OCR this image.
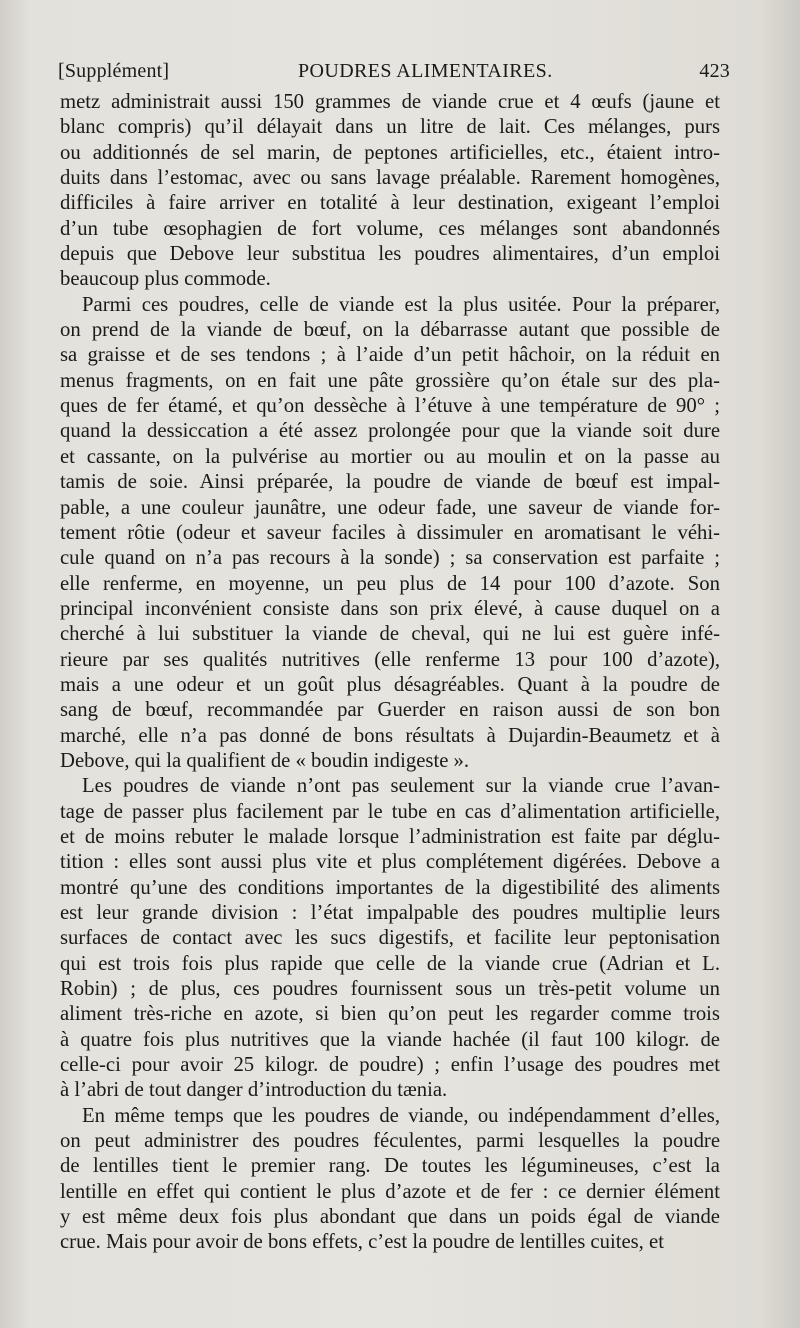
[Supplément]	POUDRES ALIMENTAIRES.	423

metz administrait aussi 150 grammes de viande crue et 4 œufs (jaune et
blanc compris) qu’il délayait dans un litre de lait. Ces mélanges, purs
ou additionnés de sel marin, de peptones artificielles, etc., étaient intro-
duits dans l’estomac, avec ou sans lavage préalable. Rarement homogènes,
difficiles à faire arriver en totalité à leur destination, exigeant l’emploi
d’un tube œsophagien de fort volume, ces mélanges sont abandonnés
depuis que Debove leur substitua les poudres alimentaires, d’un emploi
beaucoup plus commode.

Parmi ces poudres, celle de viande est la plus usitée. Pour la préparer,
on prend de la viande de bœuf, on la débarrasse autant que possible de
sa graisse et de ses tendons ; à l’aide d’un petit hâchoir, on la réduit en
menus fragments, on en fait une pâte grossière qu’on étale sur des pla-
ques de fer étamé, et qu’on dessèche à l’étuve à une température de 90° ;
quand la dessiccation a été assez prolongée pour que la viande soit dure
et cassante, on la pulvérise au mortier ou au moulin et on la passe au
tamis de soie. Ainsi préparée, la poudre de viande de bœuf est impal-
pable, a une couleur jaunâtre, une odeur fade, une saveur de viande for-
tement rôtie (odeur et saveur faciles à dissimuler en aromatisant le véhi-
cule quand on n’a pas recours à la sonde) ; sa conservation est parfaite ;
elle renferme, en moyenne, un peu plus de 14 pour 100 d’azote. Son
principal inconvénient consiste dans son prix élevé, à cause duquel on a
cherché à lui substituer la viande de cheval, qui ne lui est guère infé-
rieure par ses qualités nutritives (elle renferme 13 pour 100 d’azote),
mais a une odeur et un goût plus désagréables. Quant à la poudre de
sang de bœuf, recommandée par Guerder en raison aussi de son bon
marché, elle n’a pas donné de bons résultats à Dujardin-Beaumetz et à
Debove, qui la qualifient de « boudin indigeste ».

Les poudres de viande n’ont pas seulement sur la viande crue l’avan-
tage de passer plus facilement par le tube en cas d’alimentation artificielle,
et de moins rebuter le malade lorsque l’administration est faite par déglu-
tition : elles sont aussi plus vite et plus complétement digérées. Debove a
montré qu’une des conditions importantes de la digestibilité des aliments
est leur grande division : l’état impalpable des poudres multiplie leurs
surfaces de contact avec les sucs digestifs, et facilite leur peptonisation
qui est trois fois plus rapide que celle de la viande crue (Adrian et L.
Robin) ; de plus, ces poudres fournissent sous un très-petit volume un
aliment très-riche en azote, si bien qu’on peut les regarder comme trois
à quatre fois plus nutritives que la viande hachée (il faut 100 kilogr. de
celle-ci pour avoir 25 kilogr. de poudre) ; enfin l’usage des poudres met
à l’abri de tout danger d’introduction du tænia.

En même temps que les poudres de viande, ou indépendamment d’elles,
on peut administrer des poudres féculentes, parmi lesquelles la poudre
de lentilles tient le premier rang. De toutes les légumineuses, c’est la
lentille en effet qui contient le plus d’azote et de fer : ce dernier élément
y est même deux fois plus abondant que dans un poids égal de viande
crue. Mais pour avoir de bons effets, c’est la poudre de lentilles cuites, et
